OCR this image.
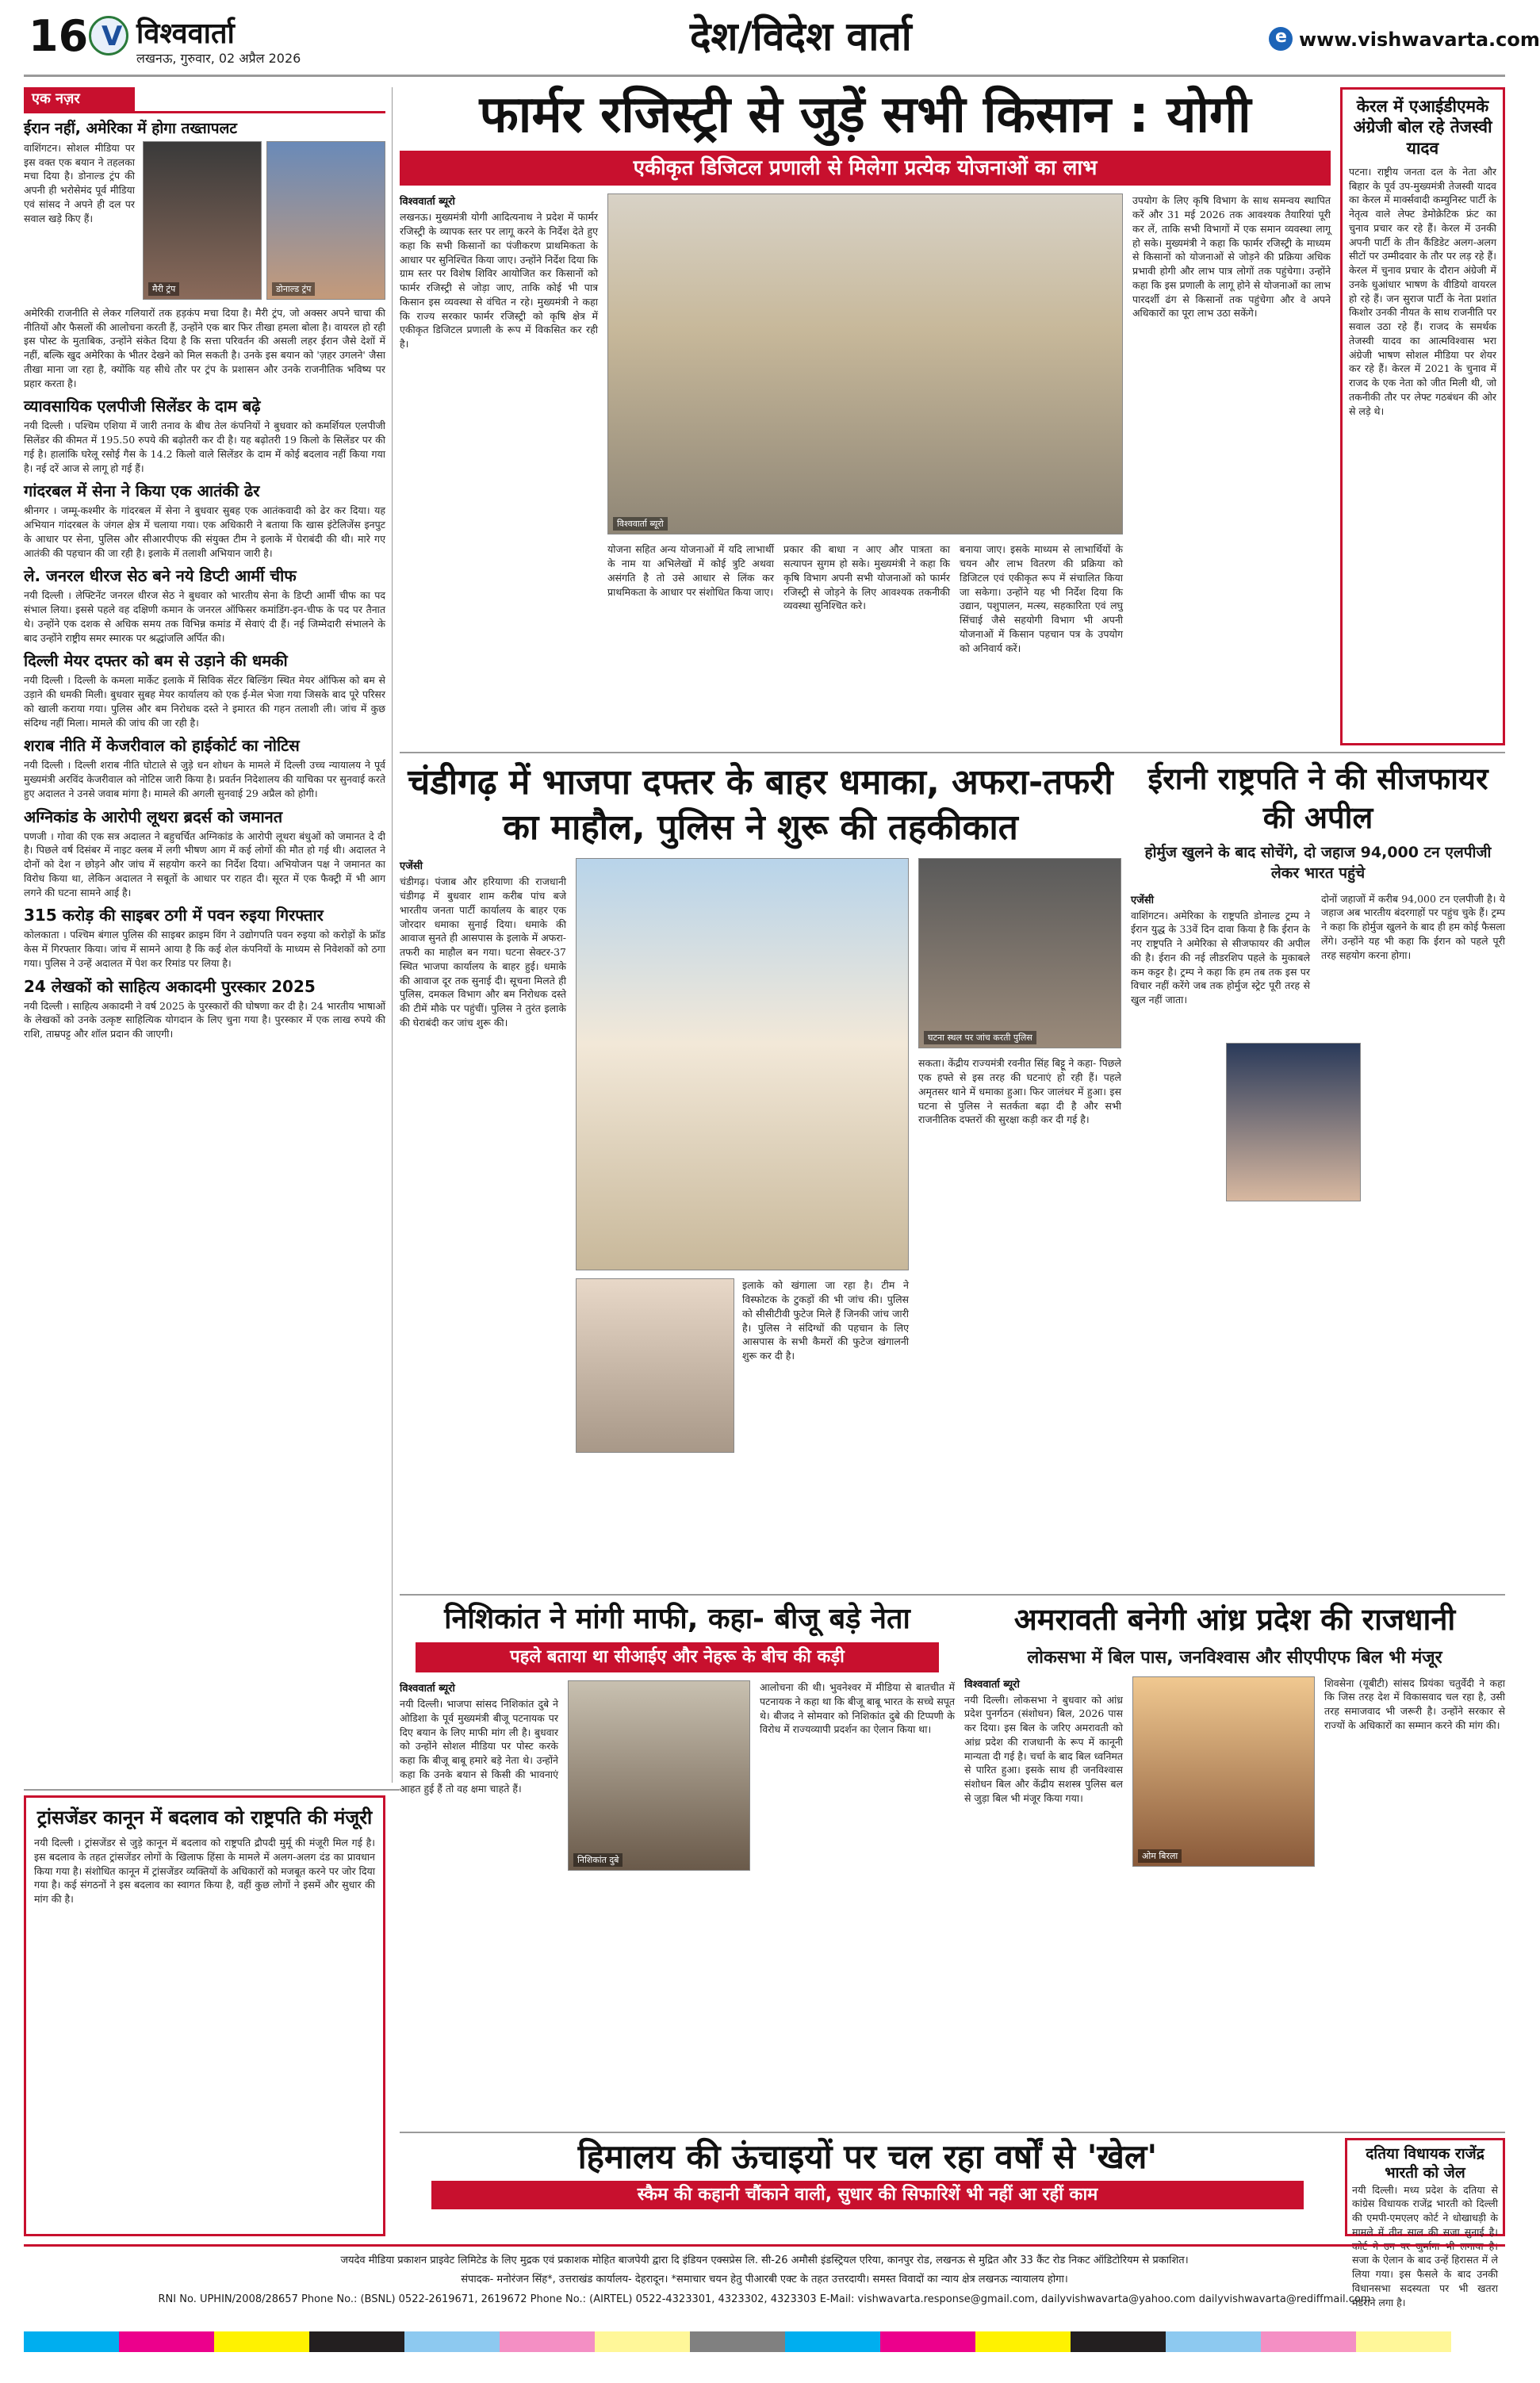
16 V विश्ववार्ता
लखनऊ, गुरुवार, 02 अप्रैल 2026	देश/विदेश वार्ता	e www.vishwavarta.com
एक नज़र
ईरान नहीं, अमेरिका में होगा तख्तापलट
वाशिंगटन। सोशल मीडिया पर इस वक्त एक बयान ने तहलका मचा दिया है। डोनाल्ड ट्रंप की अपनी ही भरोसेमंद पूर्व मीडिया एवं सांसद ने अपने ही दल पर सवाल खड़े किए हैं।
मैरी ट्रंप	डोनाल्ड ट्रंप
अमेरिकी राजनीति से लेकर गलियारों तक हड़कंप मचा दिया है। मैरी ट्रंप, जो अक्सर अपने चाचा की नीतियों और फैसलों की आलोचना करती हैं, उन्होंने एक बार फिर तीखा हमला बोला है। वायरल हो रही इस पोस्ट के मुताबिक, उन्होंने संकेत दिया है कि सत्ता परिवर्तन की असली लहर ईरान जैसे देशों में नहीं, बल्कि खुद अमेरिका के भीतर देखने को मिल सकती है। उनके इस बयान को 'ज़हर उगलने' जैसा तीखा माना जा रहा है, क्योंकि यह सीधे तौर पर ट्रंप के प्रशासन और उनके राजनीतिक भविष्य पर प्रहार करता है।
व्यावसायिक एलपीजी सिलेंडर के दाम बढ़े
नयी दिल्ली । पश्चिम एशिया में जारी तनाव के बीच तेल कंपनियों ने बुधवार को कमर्शियल एलपीजी सिलेंडर की कीमत में 195.50 रुपये की बढ़ोतरी कर दी है। यह बढ़ोतरी 19 किलो के सिलेंडर पर की गई है। हालांकि घरेलू रसोई गैस के 14.2 किलो वाले सिलेंडर के दाम में कोई बदलाव नहीं किया गया है। नई दरें आज से लागू हो गई हैं।
गांदरबल में सेना ने किया एक आतंकी ढेर
श्रीनगर । जम्मू-कश्मीर के गांदरबल में सेना ने बुधवार सुबह एक आतंकवादी को ढेर कर दिया। यह अभियान गांदरबल के जंगल क्षेत्र में चलाया गया। एक अधिकारी ने बताया कि खास इंटेलिजेंस इनपुट के आधार पर सेना, पुलिस और सीआरपीएफ की संयुक्त टीम ने इलाके में घेराबंदी की थी। मारे गए आतंकी की पहचान की जा रही है। इलाके में तलाशी अभियान जारी है।
ले. जनरल धीरज सेठ बने नये डिप्टी आर्मी चीफ
नयी दिल्ली । लेफ्टिनेंट जनरल धीरज सेठ ने बुधवार को भारतीय सेना के डिप्टी आर्मी चीफ का पद संभाल लिया। इससे पहले वह दक्षिणी कमान के जनरल ऑफिसर कमांडिंग-इन-चीफ के पद पर तैनात थे। उन्होंने एक दशक से अधिक समय तक विभिन्न कमांड में सेवाएं दी हैं। नई जिम्मेदारी संभालने के बाद उन्होंने राष्ट्रीय समर स्मारक पर श्रद्धांजलि अर्पित की।
दिल्ली मेयर दफ्तर को बम से उड़ाने की धमकी
नयी दिल्ली । दिल्ली के कमला मार्केट इलाके में सिविक सेंटर बिल्डिंग स्थित मेयर ऑफिस को बम से उड़ाने की धमकी मिली। बुधवार सुबह मेयर कार्यालय को एक ई-मेल भेजा गया जिसके बाद पूरे परिसर को खाली कराया गया। पुलिस और बम निरोधक दस्ते ने इमारत की गहन तलाशी ली। जांच में कुछ संदिग्ध नहीं मिला। मामले की जांच की जा रही है।
शराब नीति में केजरीवाल को हाईकोर्ट का नोटिस
नयी दिल्ली । दिल्ली शराब नीति घोटाले से जुड़े धन शोधन के मामले में दिल्ली उच्च न्यायालय ने पूर्व मुख्यमंत्री अरविंद केजरीवाल को नोटिस जारी किया है। प्रवर्तन निदेशालय की याचिका पर सुनवाई करते हुए अदालत ने उनसे जवाब मांगा है। मामले की अगली सुनवाई 29 अप्रैल को होगी।
अग्निकांड के आरोपी लूथरा ब्रदर्स को जमानत
पणजी । गोवा की एक सत्र अदालत ने बहुचर्चित अग्निकांड के आरोपी लूथरा बंधुओं को जमानत दे दी है। पिछले वर्ष दिसंबर में नाइट क्लब में लगी भीषण आग में कई लोगों की मौत हो गई थी। अदालत ने दोनों को देश न छोड़ने और जांच में सहयोग करने का निर्देश दिया। अभियोजन पक्ष ने जमानत का विरोध किया था, लेकिन अदालत ने सबूतों के आधार पर राहत दी। सूरत में एक फैक्ट्री में भी आग लगने की घटना सामने आई है।
315 करोड़ की साइबर ठगी में पवन रुइया गिरफ्तार
कोलकाता । पश्चिम बंगाल पुलिस की साइबर क्राइम विंग ने उद्योगपति पवन रुइया को करोड़ों के फ्रॉड केस में गिरफ्तार किया। जांच में सामने आया है कि कई शेल कंपनियों के माध्यम से निवेशकों को ठगा गया। पुलिस ने उन्हें अदालत में पेश कर रिमांड पर लिया है।
24 लेखकों को साहित्य अकादमी पुरस्कार 2025
नयी दिल्ली । साहित्य अकादमी ने वर्ष 2025 के पुरस्कारों की घोषणा कर दी है। 24 भारतीय भाषाओं के लेखकों को उनके उत्कृष्ट साहित्यिक योगदान के लिए चुना गया है। पुरस्कार में एक लाख रुपये की राशि, ताम्रपट्ट और शॉल प्रदान की जाएगी।
फार्मर रजिस्ट्री से जुड़ें सभी किसान : योगी
एकीकृत डिजिटल प्रणाली से मिलेगा प्रत्येक योजनाओं का लाभ
विश्ववार्ता ब्यूरो
लखनऊ। मुख्यमंत्री योगी आदित्यनाथ ने प्रदेश में फार्मर रजिस्ट्री के व्यापक स्तर पर लागू करने के निर्देश देते हुए कहा कि सभी किसानों का पंजीकरण प्राथमिकता के आधार पर सुनिश्चित किया जाए। उन्होंने निर्देश दिया कि ग्राम स्तर पर विशेष शिविर आयोजित कर किसानों को फार्मर रजिस्ट्री से जोड़ा जाए, ताकि कोई भी पात्र किसान इस व्यवस्था से वंचित न रहे। मुख्यमंत्री ने कहा कि राज्य सरकार फार्मर रजिस्ट्री को कृषि क्षेत्र में एकीकृत डिजिटल प्रणाली के रूप में विकसित कर रही है।
विश्ववार्ता ब्यूरो
योजना सहित अन्य योजनाओं में यदि लाभार्थी के नाम या अभिलेखों में कोई त्रुटि अथवा असंगति है तो उसे आधार से लिंक कर प्राथमिकता के आधार पर संशोधित किया जाए।
प्रकार की बाधा न आए और पात्रता का सत्यापन सुगम हो सके। मुख्यमंत्री ने कहा कि कृषि विभाग अपनी सभी योजनाओं को फार्मर रजिस्ट्री से जोड़ने के लिए आवश्यक तकनीकी व्यवस्था सुनिश्चित करे।
बनाया जाए। इसके माध्यम से लाभार्थियों के चयन और लाभ वितरण की प्रक्रिया को डिजिटल एवं एकीकृत रूप में संचालित किया जा सकेगा। उन्होंने यह भी निर्देश दिया कि उद्यान, पशुपालन, मत्स्य, सहकारिता एवं लघु सिंचाई जैसे सहयोगी विभाग भी अपनी योजनाओं में किसान पहचान पत्र के उपयोग को अनिवार्य करें।
उपयोग के लिए कृषि विभाग के साथ समन्वय स्थापित करें और 31 मई 2026 तक आवश्यक तैयारियां पूरी कर लें, ताकि सभी विभागों में एक समान व्यवस्था लागू हो सके। मुख्यमंत्री ने कहा कि फार्मर रजिस्ट्री के माध्यम से किसानों को योजनाओं से जोड़ने की प्रक्रिया अधिक प्रभावी होगी और लाभ पात्र लोगों तक पहुंचेगा। उन्होंने कहा कि इस प्रणाली के लागू होने से योजनाओं का लाभ पारदर्शी ढंग से किसानों तक पहुंचेगा और वे अपने अधिकारों का पूरा लाभ उठा सकेंगे।
केरल में एआईडीएमके अंग्रेजी बोल रहे तेजस्वी यादव
पटना। राष्ट्रीय जनता दल के नेता और बिहार के पूर्व उप-मुख्यमंत्री तेजस्वी यादव का केरल में मार्क्सवादी कम्युनिस्ट पार्टी के नेतृत्व वाले लेफ्ट डेमोक्रेटिक फ्रंट का चुनाव प्रचार कर रहे हैं। केरल में उनकी अपनी पार्टी के तीन कैंडिडेट अलग-अलग सीटों पर उम्मीदवार के तौर पर लड़ रहे हैं। केरल में चुनाव प्रचार के दौरान अंग्रेजी में उनके धुआंधार भाषण के वीडियो वायरल हो रहे हैं। जन सुराज पार्टी के नेता प्रशांत किशोर उनकी नीयत के साथ राजनीति पर सवाल उठा रहे हैं। राजद के समर्थक तेजस्वी यादव का आत्मविश्वास भरा अंग्रेजी भाषण सोशल मीडिया पर शेयर कर रहे हैं। केरल में 2021 के चुनाव में राजद के एक नेता को जीत मिली थी, जो तकनीकी तौर पर लेफ्ट गठबंधन की ओर से लड़े थे।
चंडीगढ़ में भाजपा दफ्तर के बाहर धमाका, अफरा-तफरी का माहौल, पुलिस ने शुरू की तहकीकात
एजेंसी
चंडीगढ़। पंजाब और हरियाणा की राजधानी चंडीगढ़ में बुधवार शाम करीब पांच बजे भारतीय जनता पार्टी कार्यालय के बाहर एक जोरदार धमाका सुनाई दिया। धमाके की आवाज सुनते ही आसपास के इलाके में अफरा-तफरी का माहौल बन गया। घटना सेक्टर-37 स्थित भाजपा कार्यालय के बाहर हुई। धमाके की आवाज दूर तक सुनाई दी। सूचना मिलते ही पुलिस, दमकल विभाग और बम निरोधक दस्ते की टीमें मौके पर पहुंचीं। पुलिस ने तुरंत इलाके की घेराबंदी कर जांच शुरू की।
इलाके को खंगाला जा रहा है। टीम ने विस्फोटक के टुकड़ों की भी जांच की। पुलिस को सीसीटीवी फुटेज मिले हैं जिनकी जांच जारी है। पुलिस ने संदिग्धों की पहचान के लिए आसपास के सभी कैमरों की फुटेज खंगालनी शुरू कर दी है।
घटना स्थल पर जांच करती पुलिस
सकता। केंद्रीय राज्यमंत्री रवनीत सिंह बिट्टू ने कहा- पिछले एक हफ्ते से इस तरह की घटनाएं हो रही हैं। पहले अमृतसर थाने में धमाका हुआ। फिर जालंधर में हुआ। इस घटना से पुलिस ने सतर्कता बढ़ा दी है और सभी राजनीतिक दफ्तरों की सुरक्षा कड़ी कर दी गई है।
ईरानी राष्ट्रपति ने की सीजफायर की अपील
होर्मुज खुलने के बाद सोचेंगे, दो जहाज 94,000 टन एलपीजी लेकर भारत पहुंचे
एजेंसी
वाशिंगटन। अमेरिका के राष्ट्रपति डोनाल्ड ट्रम्प ने ईरान युद्ध के 33वें दिन दावा किया है कि ईरान के नए राष्ट्रपति ने अमेरिका से सीजफायर की अपील की है। ईरान की नई लीडरशिप पहले के मुकाबले कम कट्टर है। ट्रम्प ने कहा कि हम तब तक इस पर विचार नहीं करेंगे जब तक होर्मुज स्ट्रेट पूरी तरह से खुल नहीं जाता।
दोनों जहाजों में करीब 94,000 टन एलपीजी है। ये जहाज अब भारतीय बंदरगाहों पर पहुंच चुके हैं। ट्रम्प ने कहा कि होर्मुज खुलने के बाद ही हम कोई फैसला लेंगे। उन्होंने यह भी कहा कि ईरान को पहले पूरी तरह सहयोग करना होगा।
निशिकांत ने मांगी माफी, कहा- बीजू बड़े नेता
पहले बताया था सीआईए और नेहरू के बीच की कड़ी
विश्ववार्ता ब्यूरो
नयी दिल्ली। भाजपा सांसद निशिकांत दुबे ने ओडिशा के पूर्व मुख्यमंत्री बीजू पटनायक पर दिए बयान के लिए माफी मांग ली है। बुधवार को उन्होंने सोशल मीडिया पर पोस्ट करके कहा कि बीजू बाबू हमारे बड़े नेता थे। उन्होंने कहा कि उनके बयान से किसी की भावनाएं आहत हुई हैं तो वह क्षमा चाहते हैं।
निशिकांत दुबे
आलोचना की थी। भुवनेश्वर में मीडिया से बातचीत में पटनायक ने कहा था कि बीजू बाबू भारत के सच्चे सपूत थे। बीजद ने सोमवार को निशिकांत दुबे की टिप्पणी के विरोध में राज्यव्यापी प्रदर्शन का ऐलान किया था।
अमरावती बनेगी आंध्र प्रदेश की राजधानी
लोकसभा में बिल पास, जनविश्वास और सीएपीएफ बिल भी मंजूर
विश्ववार्ता ब्यूरो
नयी दिल्ली। लोकसभा ने बुधवार को आंध्र प्रदेश पुनर्गठन (संशोधन) बिल, 2026 पास कर दिया। इस बिल के जरिए अमरावती को आंध्र प्रदेश की राजधानी के रूप में कानूनी मान्यता दी गई है। चर्चा के बाद बिल ध्वनिमत से पारित हुआ। इसके साथ ही जनविश्वास संशोधन बिल और केंद्रीय सशस्त्र पुलिस बल से जुड़ा बिल भी मंजूर किया गया।
ओम बिरला
शिवसेना (यूबीटी) सांसद प्रियंका चतुर्वेदी ने कहा कि जिस तरह देश में विकासवाद चल रहा है, उसी तरह समाजवाद भी जरूरी है। उन्होंने सरकार से राज्यों के अधिकारों का सम्मान करने की मांग की।
ट्रांसजेंडर कानून में बदलाव को राष्ट्रपति की मंजूरी
नयी दिल्ली । ट्रांसजेंडर से जुड़े कानून में बदलाव को राष्ट्रपति द्रौपदी मुर्मू की मंजूरी मिल गई है। इस बदलाव के तहत ट्रांसजेंडर लोगों के खिलाफ हिंसा के मामले में अलग-अलग दंड का प्रावधान किया गया है। संशोधित कानून में ट्रांसजेंडर व्यक्तियों के अधिकारों को मजबूत करने पर जोर दिया गया है। कई संगठनों ने इस बदलाव का स्वागत किया है, वहीं कुछ लोगों ने इसमें और सुधार की मांग की है।
हिमालय की ऊंचाइयों पर चल रहा वर्षों से 'खेल'
स्कैम की कहानी चौंकाने वाली, सुधार की सिफारिशें भी नहीं आ रहीं काम
दतिया विधायक राजेंद्र भारती को जेल
नयी दिल्ली। मध्य प्रदेश के दतिया से कांग्रेस विधायक राजेंद्र भारती को दिल्ली की एमपी-एमएलए कोर्ट ने धोखाधड़ी के मामले में तीन साल की सजा सुनाई है। सजा के ऐलान के बाद उन्हें हिरासत में ले लिया गया। इस फैसले के बाद उनकी विधानसभा सदस्यता पर भी खतरा मंडराने लगा है।
जयदेव मीडिया प्रकाशन प्राइवेट लिमिटेड के लिए मुद्रक एवं प्रकाशक मोहित बाजपेयी द्वारा दि इंडियन एक्सप्रेस लि. सी-26 अमौसी इंडस्ट्रियल एरिया, कानपुर रोड, लखनऊ से मुद्रित और 33 कैंट रोड निकट ऑडिटोरियम से प्रकाशित।
संपादक- मनोरंजन सिंह*, उत्तराखंड कार्यालय- देहरादून। *समाचार चयन हेतु पीआरबी एक्ट के तहत उत्तरदायी। समस्त विवादों का न्याय क्षेत्र लखनऊ न्यायालय होगा।
RNI No. UPHIN/2008/28657 Phone No.: (BSNL) 0522-2619671, 2619672 Phone No.: (AIRTEL) 0522-4323301, 4323302, 4323303 E-Mail: vishwavarta.response@gmail.com, dailyvishwavarta@yahoo.com dailyvishwavarta@rediffmail.com
